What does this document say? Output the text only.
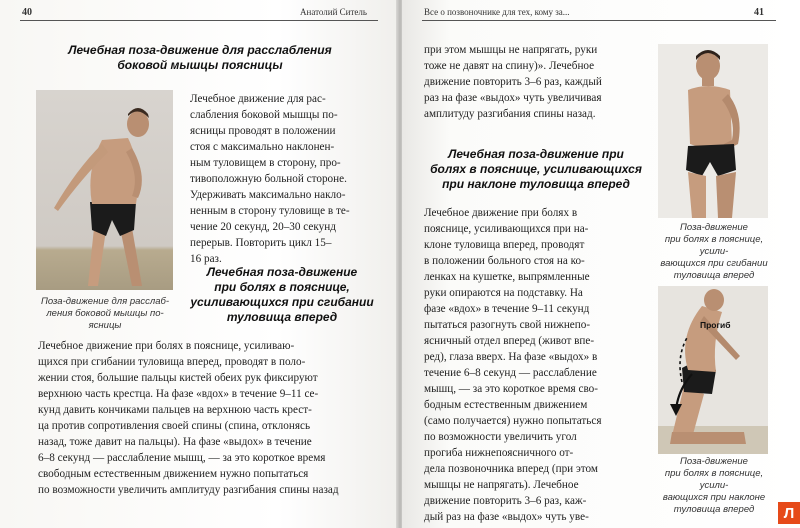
40	Анатолий Ситель
Лечебная поза-движение для расслабления
боковой мышцы поясницы
Лечебное движение для рас-
слабления боковой мышцы по-
ясницы проводят в положении
стоя с максимально наклонен-
ным туловищем в сторону, про-
тивоположную больной стороне.
Удерживать максимально накло-
ненным в сторону туловище в те-
чение 20 секунд, 20–30 секунд
перерыв. Повторить цикл 15–
16 раз.
Поза-движение для расслаб-
ления боковой мышцы по-
ясницы
Лечебная поза-движение
при болях в пояснице,
усиливающихся при сгибании
туловища вперед
Лечебное движение при болях в пояснице, усиливаю-
щихся при сгибании туловища вперед, проводят в поло-
жении стоя, большие пальцы кистей обеих рук фиксируют
верхнюю часть крестца. На фазе «вдох» в течение 9–11 се-
кунд давить кончиками пальцев на верхнюю часть крест-
ца против сопротивления своей спины (спина, отклонясь
назад, тоже давит на пальцы). На фазе «выдох» в течение
6–8 секунд — расслабление мышц, — за это короткое время
свободным естественным движением нужно попытаться
по возможности увеличить амплитуду разгибания спины назад
Все о позвоночнике для тех, кому за...	41
при этом мышцы не напрягать, руки
тоже не давят на спину)». Лечебное
движение повторить 3–6 раз, каждый
раз на фазе «выдох» чуть увеличивая
амплитуду разгибания спины назад.
Лечебная поза-движение при
болях в пояснице, усиливающихся
при наклоне туловища вперед
Лечебное движение при болях в
пояснице, усиливающихся при на-
клоне туловища вперед, проводят
в положении больного стоя на ко-
ленках на кушетке, выпрямленные
руки опираются на подставку. На
фазе «вдох» в течение 9–11 секунд
пытаться разогнуть свой нижнепо-
ясничный отдел вперед (живот впе-
ред), глаза вверх. На фазе «выдох» в
течение 6–8 секунд — расслабление
мышц, — за это короткое время сво-
бодным естественным движением
(само получается) нужно попытаться
по возможности увеличить угол
прогиба нижнепоясничного от-
дела позвоночника вперед (при этом
мышцы не напрягать). Лечебное
движение повторить 3–6 раз, каж-
дый раз на фазе «выдох» чуть уве-
Поза-движение
при болях в пояснице, усили-
вающихся при сгибании
туловища вперед
Прогиб
Поза-движение
при болях в пояснице, усили-
вающихся при наклоне
туловища вперед	Л
